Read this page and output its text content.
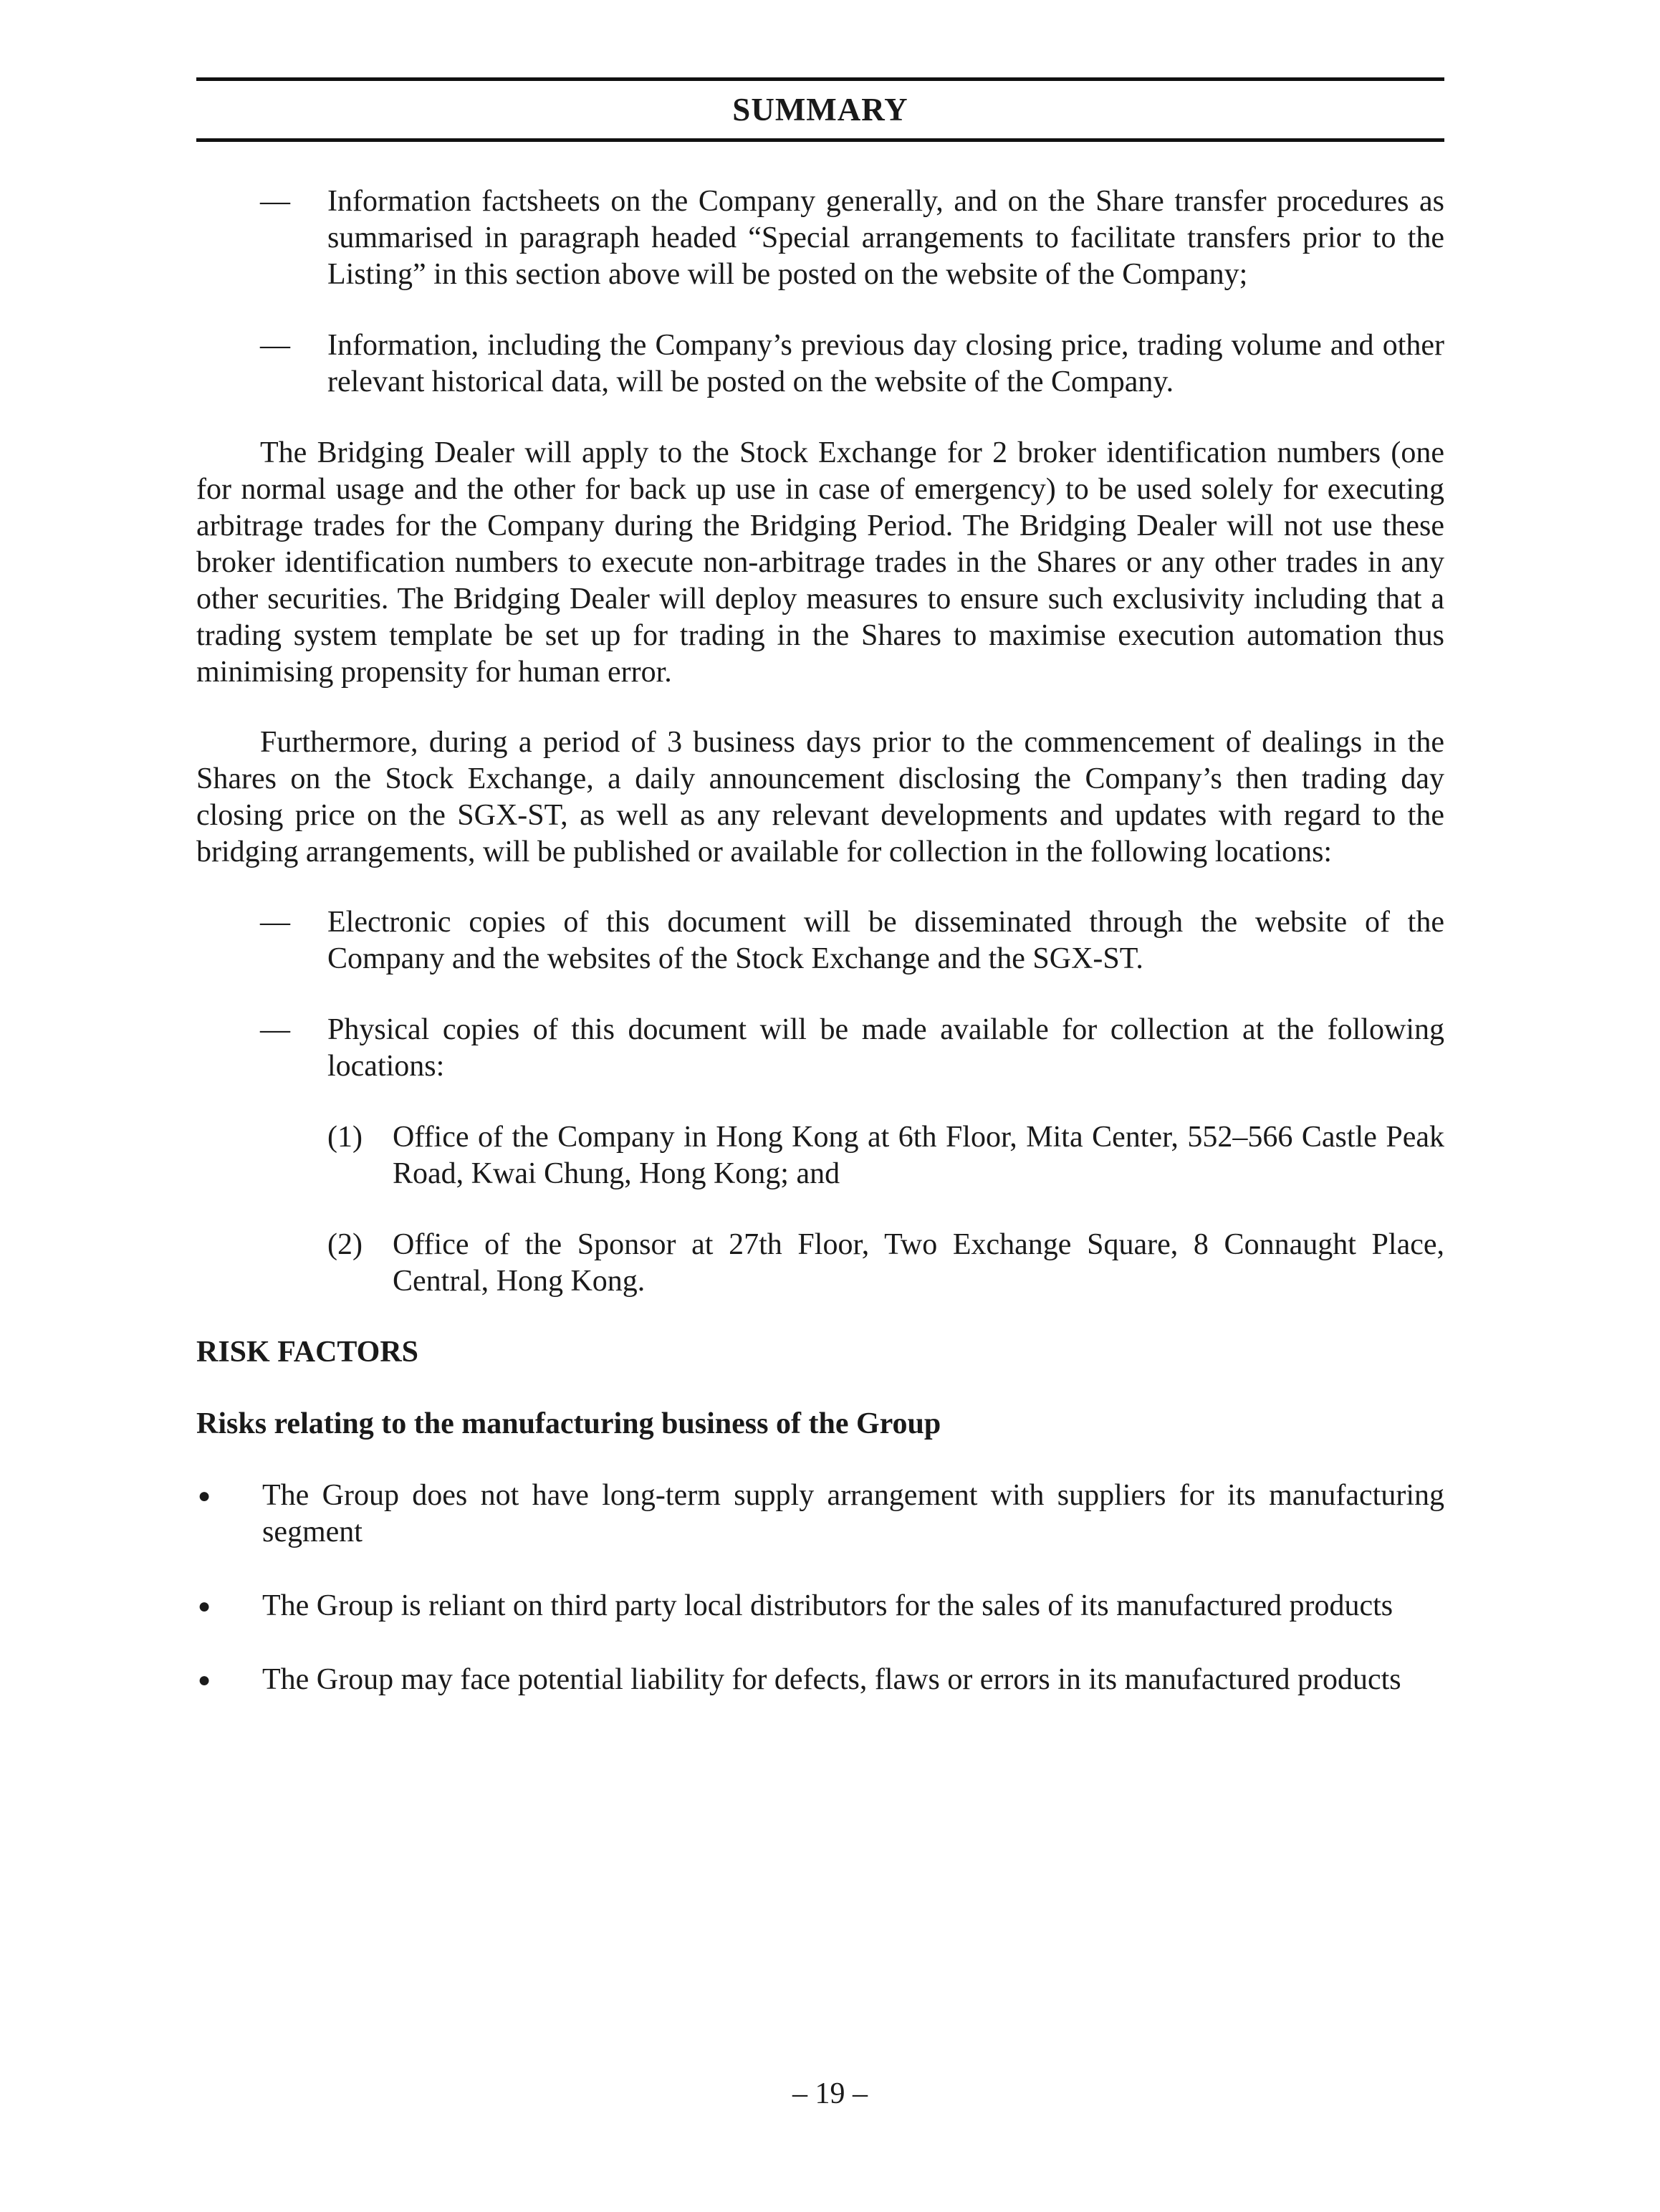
SUMMARY
— Information factsheets on the Company generally, and on the Share transfer procedures as summarised in paragraph headed “Special arrangements to facilitate transfers prior to the Listing” in this section above will be posted on the website of the Company;
— Information, including the Company’s previous day closing price, trading volume and other relevant historical data, will be posted on the website of the Company.

The Bridging Dealer will apply to the Stock Exchange for 2 broker identification numbers (one for normal usage and the other for back up use in case of emergency) to be used solely for executing arbitrage trades for the Company during the Bridging Period. The Bridging Dealer will not use these broker identification numbers to execute non-arbitrage trades in the Shares or any other trades in any other securities. The Bridging Dealer will deploy measures to ensure such exclusivity including that a trading system template be set up for trading in the Shares to maximise execution automation thus minimising propensity for human error.

Furthermore, during a period of 3 business days prior to the commencement of dealings in the Shares on the Stock Exchange, a daily announcement disclosing the Company’s then trading day closing price on the SGX-ST, as well as any relevant developments and updates with regard to the bridging arrangements, will be published or available for collection in the following locations:

— Electronic copies of this document will be disseminated through the website of the Company and the websites of the Stock Exchange and the SGX-ST.
— Physical copies of this document will be made available for collection at the following locations:
(1) Office of the Company in Hong Kong at 6th Floor, Mita Center, 552–566 Castle Peak Road, Kwai Chung, Hong Kong; and
(2) Office of the Sponsor at 27th Floor, Two Exchange Square, 8 Connaught Place, Central, Hong Kong.
RISK FACTORS
Risks relating to the manufacturing business of the Group
● The Group does not have long-term supply arrangement with suppliers for its manufacturing segment
● The Group is reliant on third party local distributors for the sales of its manufactured products
● The Group may face potential liability for defects, flaws or errors in its manufactured products
– 19 –
